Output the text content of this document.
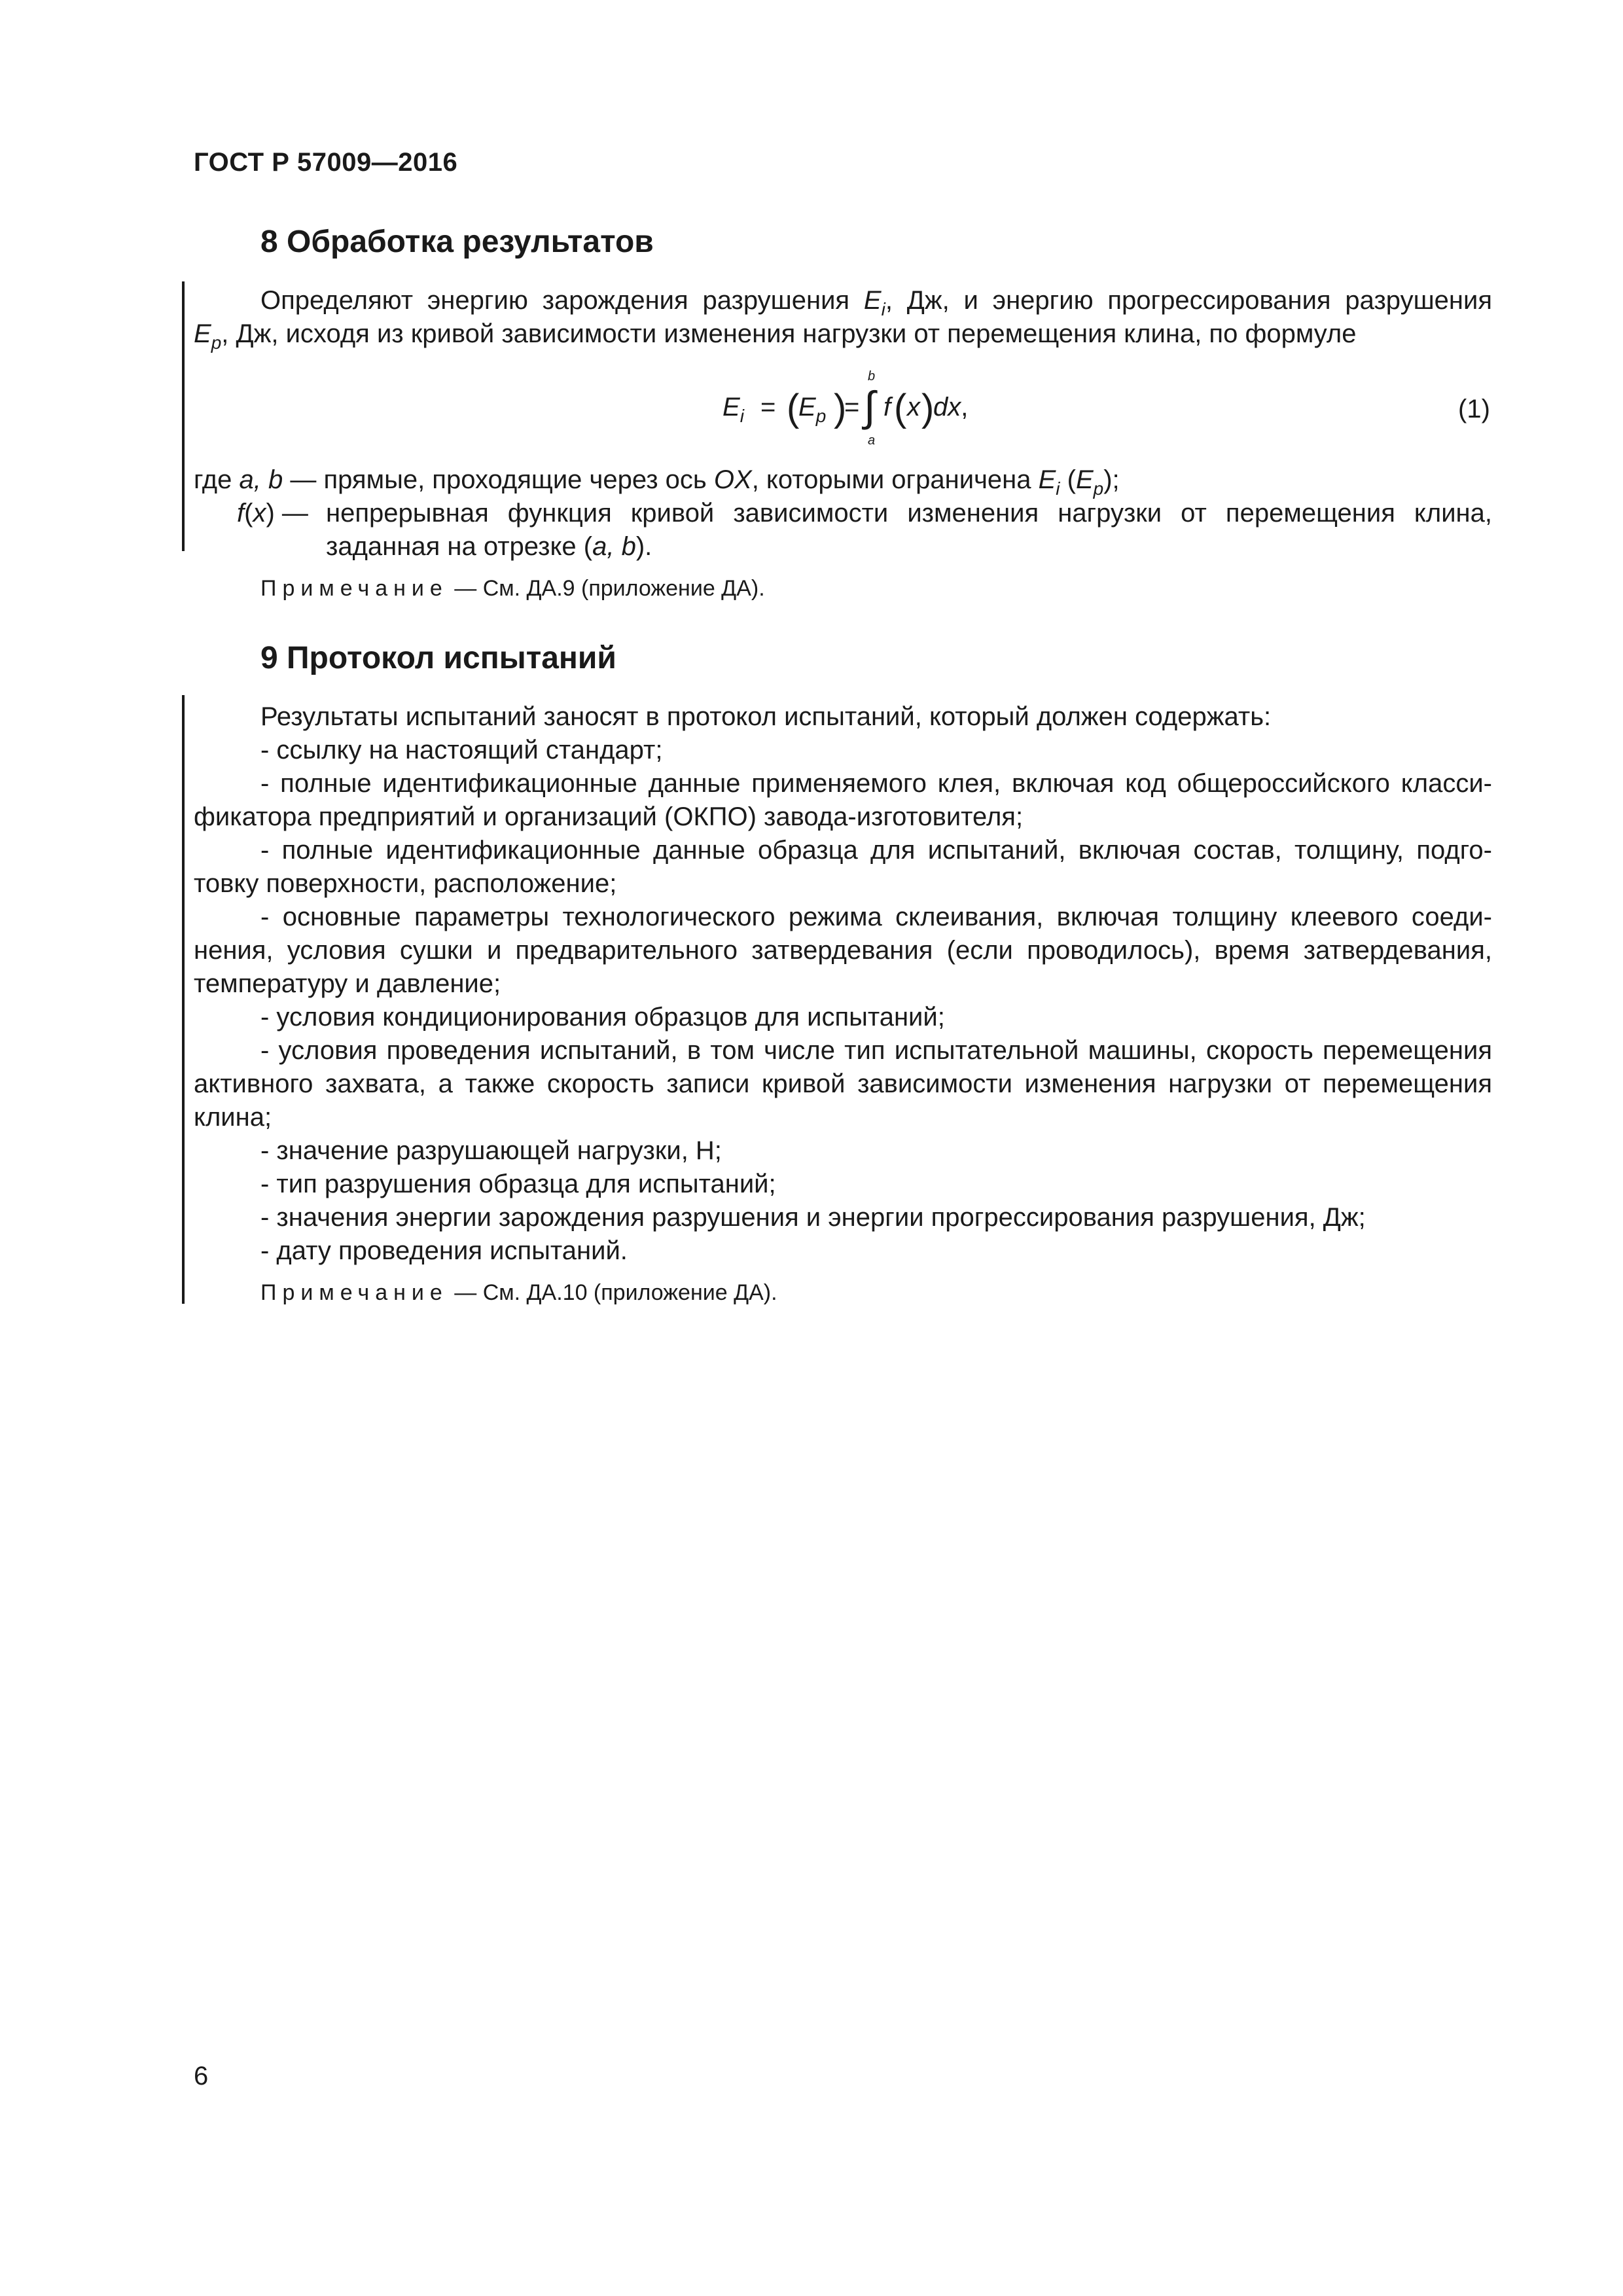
ГОСТ Р 57009—2016
8 Обработка результатов
Определяют энергию зарождения разрушения $E_i$, Дж, и энергию прогрессирования разрушения
$E_p$, Дж, исходя из кривой зависимости изменения нагрузки от перемещения клина, по формуле
$E_i$ = (
$E_p$ )
=
b
∫
a
f ( x )
dx,	(1)
где a, b — прямые, проходящие через ось OX, которыми ограничена $E_i$ $(E_p)$;
f(x) — непрерывная функция кривой зависимости изменения нагрузки от перемещения клина,
заданная на отрезке (a, b).
Примечание — См. ДА.9 (приложение ДА).
9 Протокол испытаний
Результаты испытаний заносят в протокол испытаний, который должен содержать:
- ссылку на настоящий стандарт;
- полные идентификационные данные применяемого клея, включая код общероссийского класси-
фикатора предприятий и организаций (ОКПО) завода-изготовителя;
- полные идентификационные данные образца для испытаний, включая состав, толщину, подго-
товку поверхности, расположение;
- основные параметры технологического режима склеивания, включая толщину клеевого соеди-
нения, условия сушки и предварительного затвердевания (если проводилось), время затвердевания,
температуру и давление;
- условия кондиционирования образцов для испытаний;
- условия проведения испытаний, в том числе тип испытательной машины, скорость перемещения
активного захвата, а также скорость записи кривой зависимости изменения нагрузки от перемещения
клина;
- значение разрушающей нагрузки, Н;
- тип разрушения образца для испытаний;
- значения энергии зарождения разрушения и энергии прогрессирования разрушения, Дж;
- дату проведения испытаний.
Примечание — См. ДА.10 (приложение ДА).
6
